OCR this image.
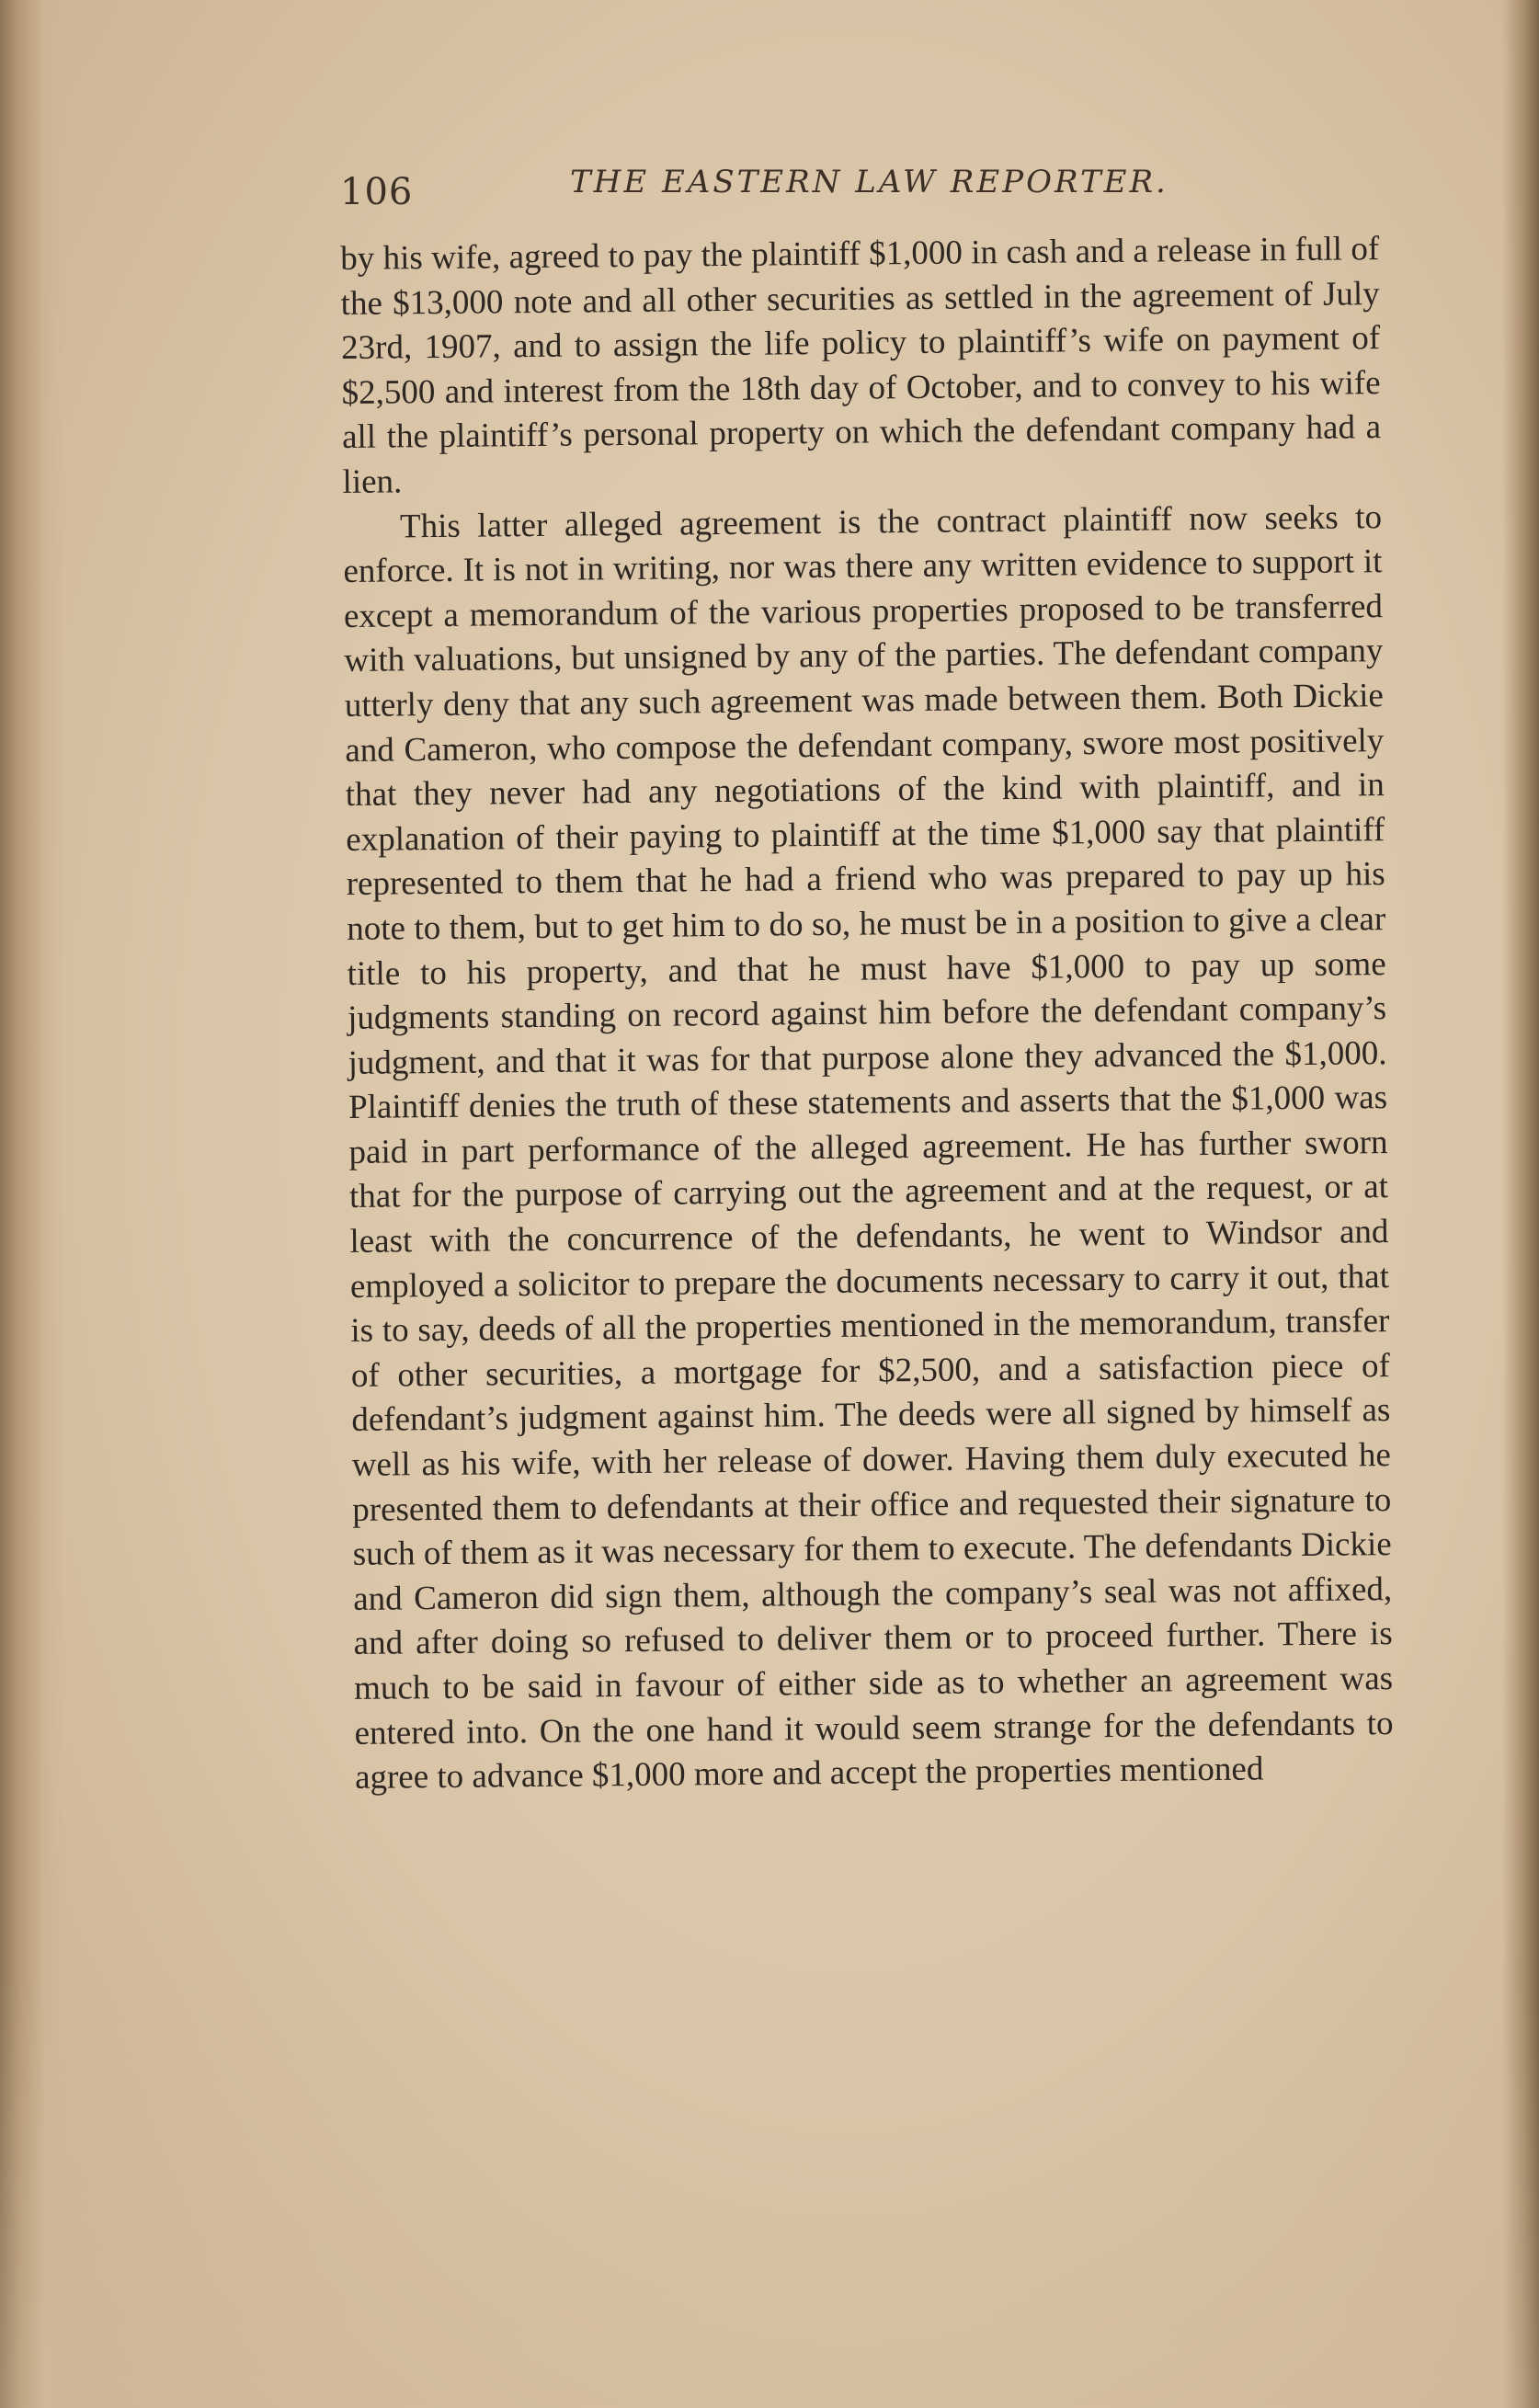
106	THE EASTERN LAW REPORTER.

by his wife, agreed to pay the plaintiff $1,000 in cash and a release in full of the $13,000 note and all other securities as settled in the agreement of July 23rd, 1907, and to assign the life policy to plaintiff’s wife on payment of $2,500 and interest from the 18th day of October, and to convey to his wife all the plaintiff’s personal property on which the defendant company had a lien.

This latter alleged agreement is the contract plaintiff now seeks to enforce. It is not in writing, nor was there any written evidence to support it except a memorandum of the various properties proposed to be transferred with valuations, but unsigned by any of the parties. The defendant company utterly deny that any such agreement was made between them. Both Dickie and Cameron, who compose the defendant company, swore most positively that they never had any negotiations of the kind with plaintiff, and in explanation of their paying to plaintiff at the time $1,000 say that plaintiff represented to them that he had a friend who was prepared to pay up his note to them, but to get him to do so, he must be in a position to give a clear title to his property, and that he must have $1,000 to pay up some judgments standing on record against him before the defendant company’s judgment, and that it was for that purpose alone they advanced the $1,000. Plaintiff denies the truth of these statements and asserts that the $1,000 was paid in part performance of the alleged agreement. He has further sworn that for the purpose of carrying out the agreement and at the request, or at least with the concurrence of the defendants, he went to Windsor and employed a solicitor to prepare the documents necessary to carry it out, that is to say, deeds of all the properties mentioned in the memorandum, transfer of other securities, a mortgage for $2,500, and a satisfaction piece of defendant’s judgment against him. The deeds were all signed by himself as well as his wife, with her release of dower. Having them duly executed he presented them to defendants at their office and requested their signature to such of them as it was necessary for them to execute. The defendants Dickie and Cameron did sign them, although the company’s seal was not affixed, and after doing so refused to deliver them or to proceed further. There is much to be said in favour of either side as to whether an agreement was entered into. On the one hand it would seem strange for the defendants to agree to advance $1,000 more and accept the properties mentioned
